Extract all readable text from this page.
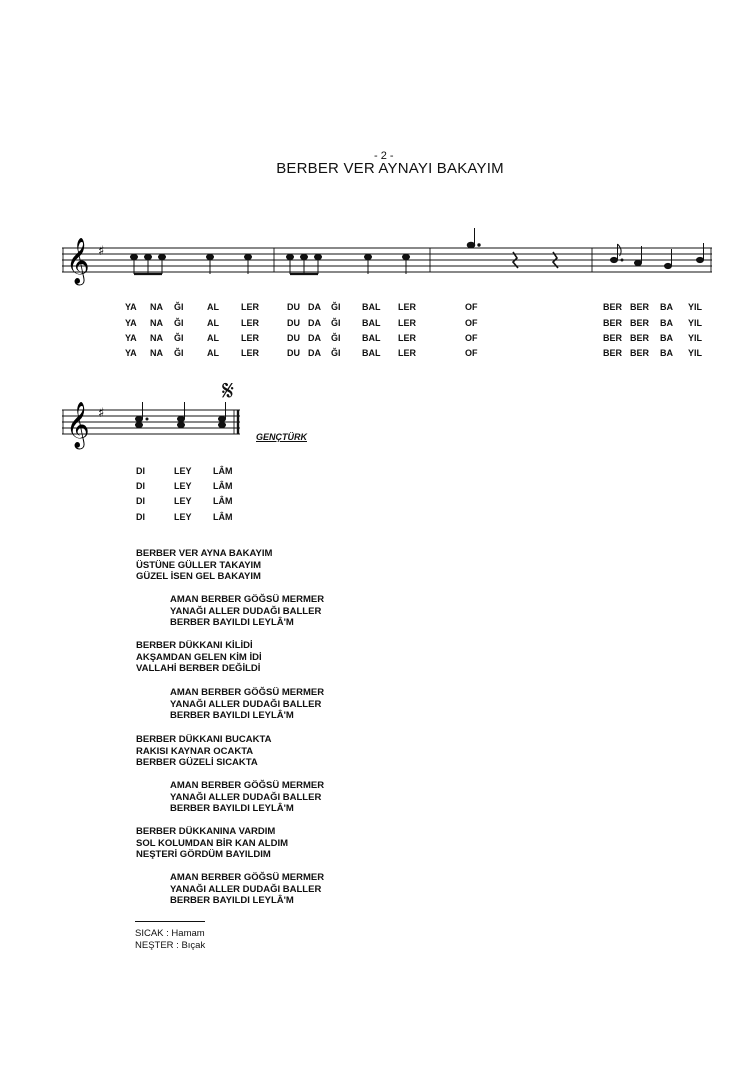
- 2 -
BERBER VER AYNAYI BAKAYIM
𝄞 ♯
YA NA ĞI	AL LER	DU DA ĞI BAL LER	OF	BER BER BA YIL
YA NA ĞI	AL LER	DU DA ĞI BAL LER	OF	BER BER BA YIL
YA NA ĞI	AL LER	DU DA ĞI BAL LER	OF	BER BER BA YIL
YA NA ĞI	AL LER	DU DA ĞI BAL LER	OF	BER BER BA YIL
𝄋
𝄞 ♯
GENÇTÜRK
DI	LEY LÂM
DI	LEY LÂM
DI	LEY LÂM
DI	LEY LÂM
BERBER VER AYNA BAKAYIM
ÜSTÜNE GÜLLER TAKAYIM
GÜZEL İSEN GEL BAKAYIM
AMAN BERBER GÖĞSÜ MERMER
YANAĞI ALLER DUDAĞI BALLER
BERBER BAYILDI LEYLÂ'M
BERBER DÜKKANI KİLİDİ
AKŞAMDAN GELEN KİM İDİ
VALLAHİ BERBER DEĞİLDİ
AMAN BERBER GÖĞSÜ MERMER
YANAĞI ALLER DUDAĞI BALLER
BERBER BAYILDI LEYLÂ'M
BERBER DÜKKANI BUCAKTA
RAKISI KAYNAR OCAKTA
BERBER GÜZELİ SICAKTA
AMAN BERBER GÖĞSÜ MERMER
YANAĞI ALLER DUDAĞI BALLER
BERBER BAYILDI LEYLÂ'M
BERBER DÜKKANINA VARDIM
SOL KOLUMDAN BİR KAN ALDIM
NEŞTERİ GÖRDÜM BAYILDIM
AMAN BERBER GÖĞSÜ MERMER
YANAĞI ALLER DUDAĞI BALLER
BERBER BAYILDI LEYLÂ'M
SICAK : Hamam
NEŞTER : Bıçak
